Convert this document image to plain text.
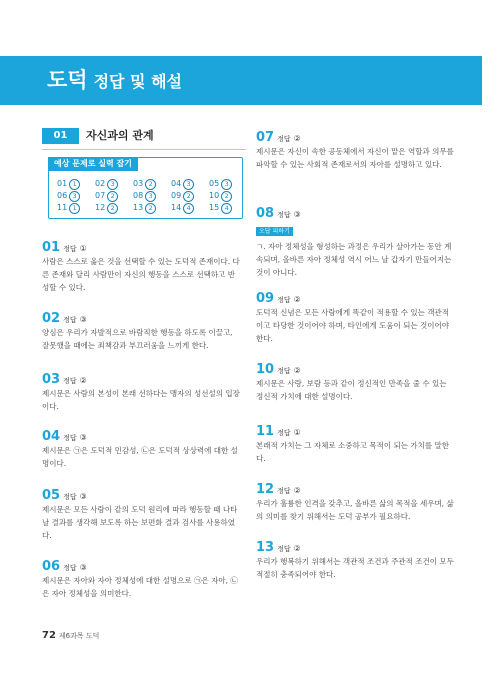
도덕 정답 및 해설
01 자신과의 관계
예상 문제로 실력 잡기
01 1	02 3	03 2	04 3	05 3
06 3	07 2	08 3	09 2	10 2
11 1	12 2	13 2	14 4	15 4
01 정답 ①
사람은 스스로 옳은 것을 선택할 수 있는 도덕적 존재이다. 다른 존재와 달리 사람만이 자신의 행동을 스스로 선택하고 반성할 수 있다.
02 정답 ③
양심은 우리가 자발적으로 바람직한 행동을 하도록 이끌고, 잘못했을 때에는 죄책감과 부끄러움을 느끼게 한다.
03 정답 ②
제시문은 사람의 본성이 본래 선하다는 맹자의 성선설의 입장이다.
04 정답 ③
제시문은 ㉠은 도덕적 민감성, ㉡은 도덕적 상상력에 대한 설명이다.
05 정답 ③
제시문은 모든 사람이 같의 도덕 원리에 따라 행동할 때 나타날 결과를 생각해 보도록 하는 보편화 결과 검사를 사용하였다.
06 정답 ③
제시문은 자아와 자아 정체성에 대한 설명으로 ㉠은 자아, ㉡은 자아 정체성을 의미한다.
07 정답 ②
제시문은 자신이 속한 공동체에서 자신이 맡은 역할과 의무를 파악할 수 있는 사회적 존재로서의 자아를 설명하고 있다.
08 정답 ③
오답 피하기
ㄱ. 자아 정체성을 형성하는 과정은 우리가 살아가는 동안 계속되며, 올바른 자아 정체성 역시 어느 날 갑자기 만들어지는 것이 아니다.
09 정답 ②
도덕적 신념은 모든 사람에게 똑같이 적용할 수 있는 객관적이고 타당한 것이어야 하며, 타인에게 도움이 되는 것이어야 한다.
10 정답 ②
제시문은 사랑, 보람 등과 같이 정신적인 만족을 줄 수 있는 정신적 가치에 대한 설명이다.
11 정답 ①
본래적 가치는 그 자체로 소중하고 목적이 되는 가치를 말한다.
12 정답 ②
우리가 훌륭한 인격을 갖추고, 올바른 삶의 목적을 세우며, 삶의 의미를 찾기 위해서는 도덕 공부가 필요하다.
13 정답 ②
우리가 행복하기 위해서는 객관적 조건과 주관적 조건이 모두 적절히 충족되어야 한다.
72 제6과목 도덕
